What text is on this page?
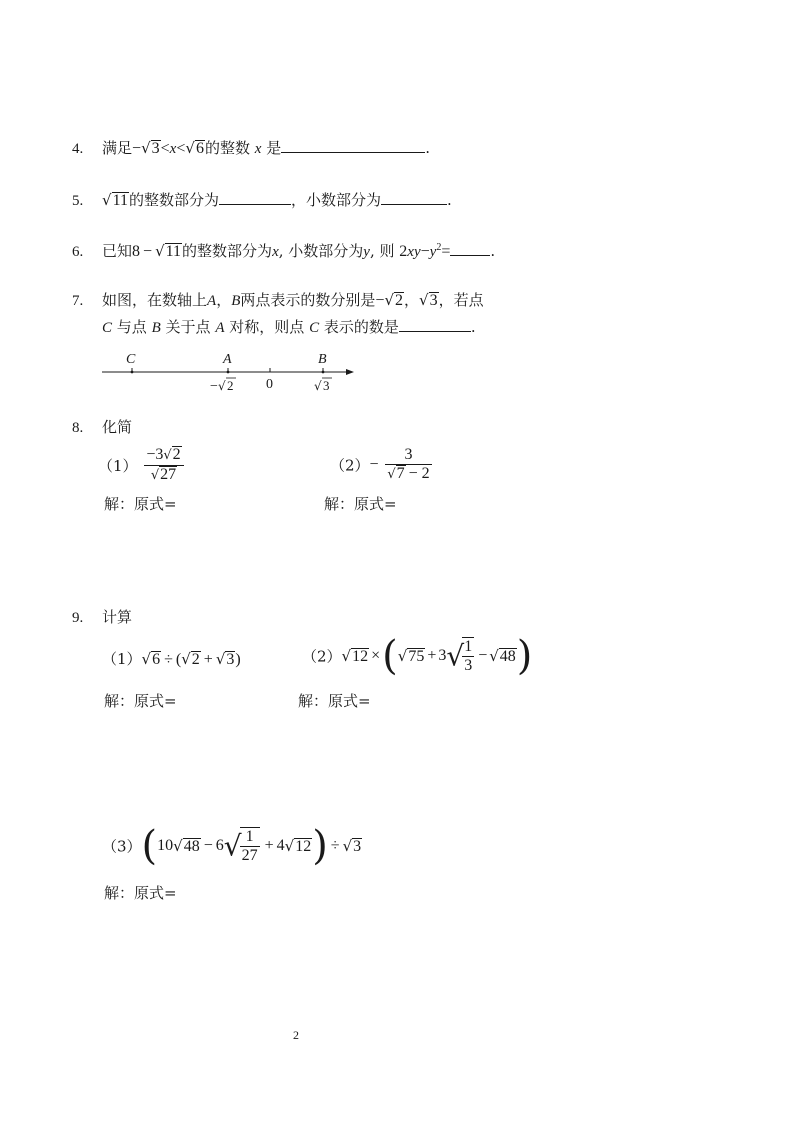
4. 满足−√3<x<√6的整数 x 是	.
5. √11的整数部分为	，小数部分为	.
6. 已知8 − √11的整数部分为x, 小数部分为y, 则 $2xy-y^2=$	.
7. 如图，在数轴上A，B两点表示的数分别是−√2，√3，若点
C 与点 B 关于点 A 对称，则点 C 表示的数是	.
C	A	B
− √ 2 0	√ 3
8. 化简
$(1) \frac{-3√2}{√27}$	$(2)- \frac{3}{√7 - 2}$
解：原式=	解：原式=
9. 计算
（1）√6 ÷ (√2 + √3)	（2）√12 ×(√75 + 3√
$\frac{1}{3} - √48$)
解：原式=	解：原式=
（3）(10√48 − 6√
$\frac{1}{27} + 4√12) \div √3$
解：原式=
2
